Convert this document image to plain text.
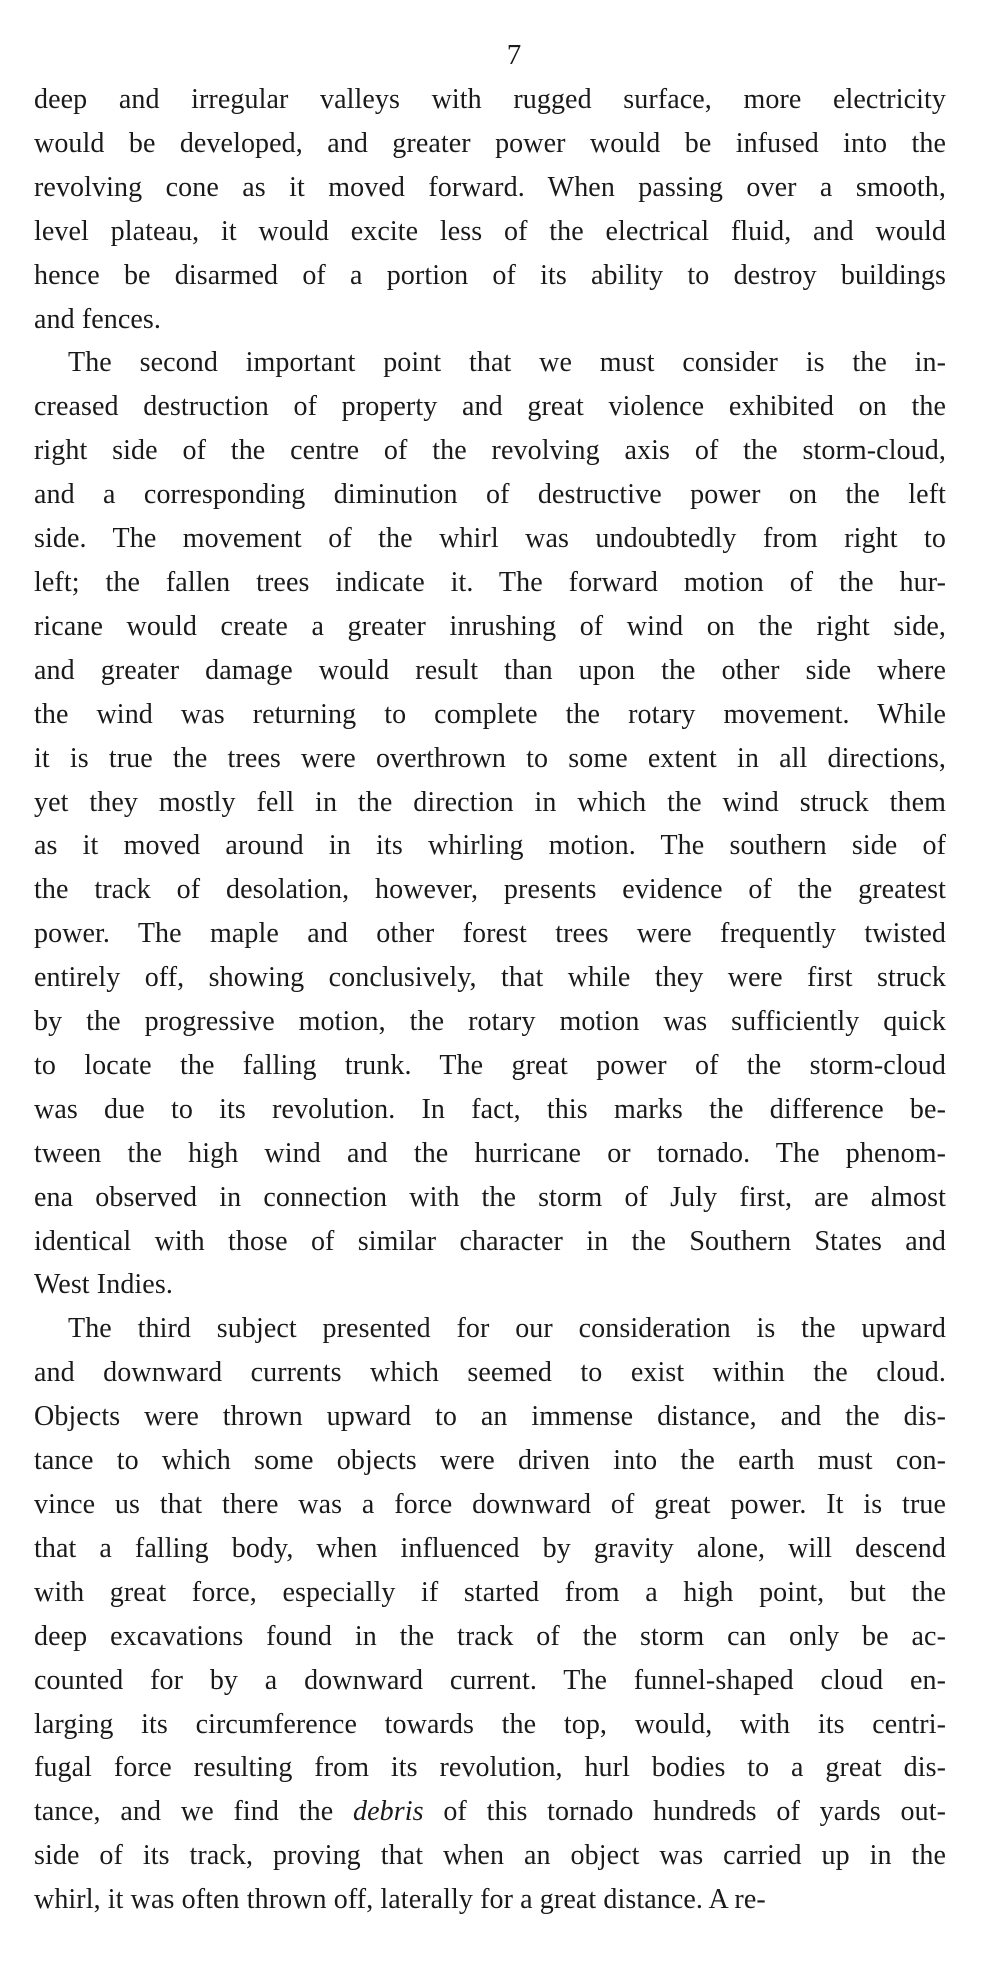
7

deep and irregular valleys with rugged surface, more electricity
would be developed, and greater power would be infused into the
revolving cone as it moved forward. When passing over a smooth,
level plateau, it would excite less of the electrical fluid, and would
hence be disarmed of a portion of its ability to destroy buildings
and fences.

The second important point that we must consider is the in-
creased destruction of property and great violence exhibited on the
right side of the centre of the revolving axis of the storm-cloud,
and a corresponding diminution of destructive power on the left
side. The movement of the whirl was undoubtedly from right to
left; the fallen trees indicate it. The forward motion of the hur-
ricane would create a greater inrushing of wind on the right side,
and greater damage would result than upon the other side where
the wind was returning to complete the rotary movement. While
it is true the trees were overthrown to some extent in all directions,
yet they mostly fell in the direction in which the wind struck them
as it moved around in its whirling motion. The southern side of
the track of desolation, however, presents evidence of the greatest
power. The maple and other forest trees were frequently twisted
entirely off, showing conclusively, that while they were first struck
by the progressive motion, the rotary motion was sufficiently quick
to locate the falling trunk. The great power of the storm-cloud
was due to its revolution. In fact, this marks the difference be-
tween the high wind and the hurricane or tornado. The phenom-
ena observed in connection with the storm of July first, are almost
identical with those of similar character in the Southern States and
West Indies.

The third subject presented for our consideration is the upward
and downward currents which seemed to exist within the cloud.
Objects were thrown upward to an immense distance, and the dis-
tance to which some objects were driven into the earth must con-
vince us that there was a force downward of great power. It is true
that a falling body, when influenced by gravity alone, will descend
with great force, especially if started from a high point, but the
deep excavations found in the track of the storm can only be ac-
counted for by a downward current. The funnel-shaped cloud en-
larging its circumference towards the top, would, with its centri-
fugal force resulting from its revolution, hurl bodies to a great dis-
tance, and we find the debris of this tornado hundreds of yards out-
side of its track, proving that when an object was carried up in the
whirl, it was often thrown off, laterally for a great distance. A re-
